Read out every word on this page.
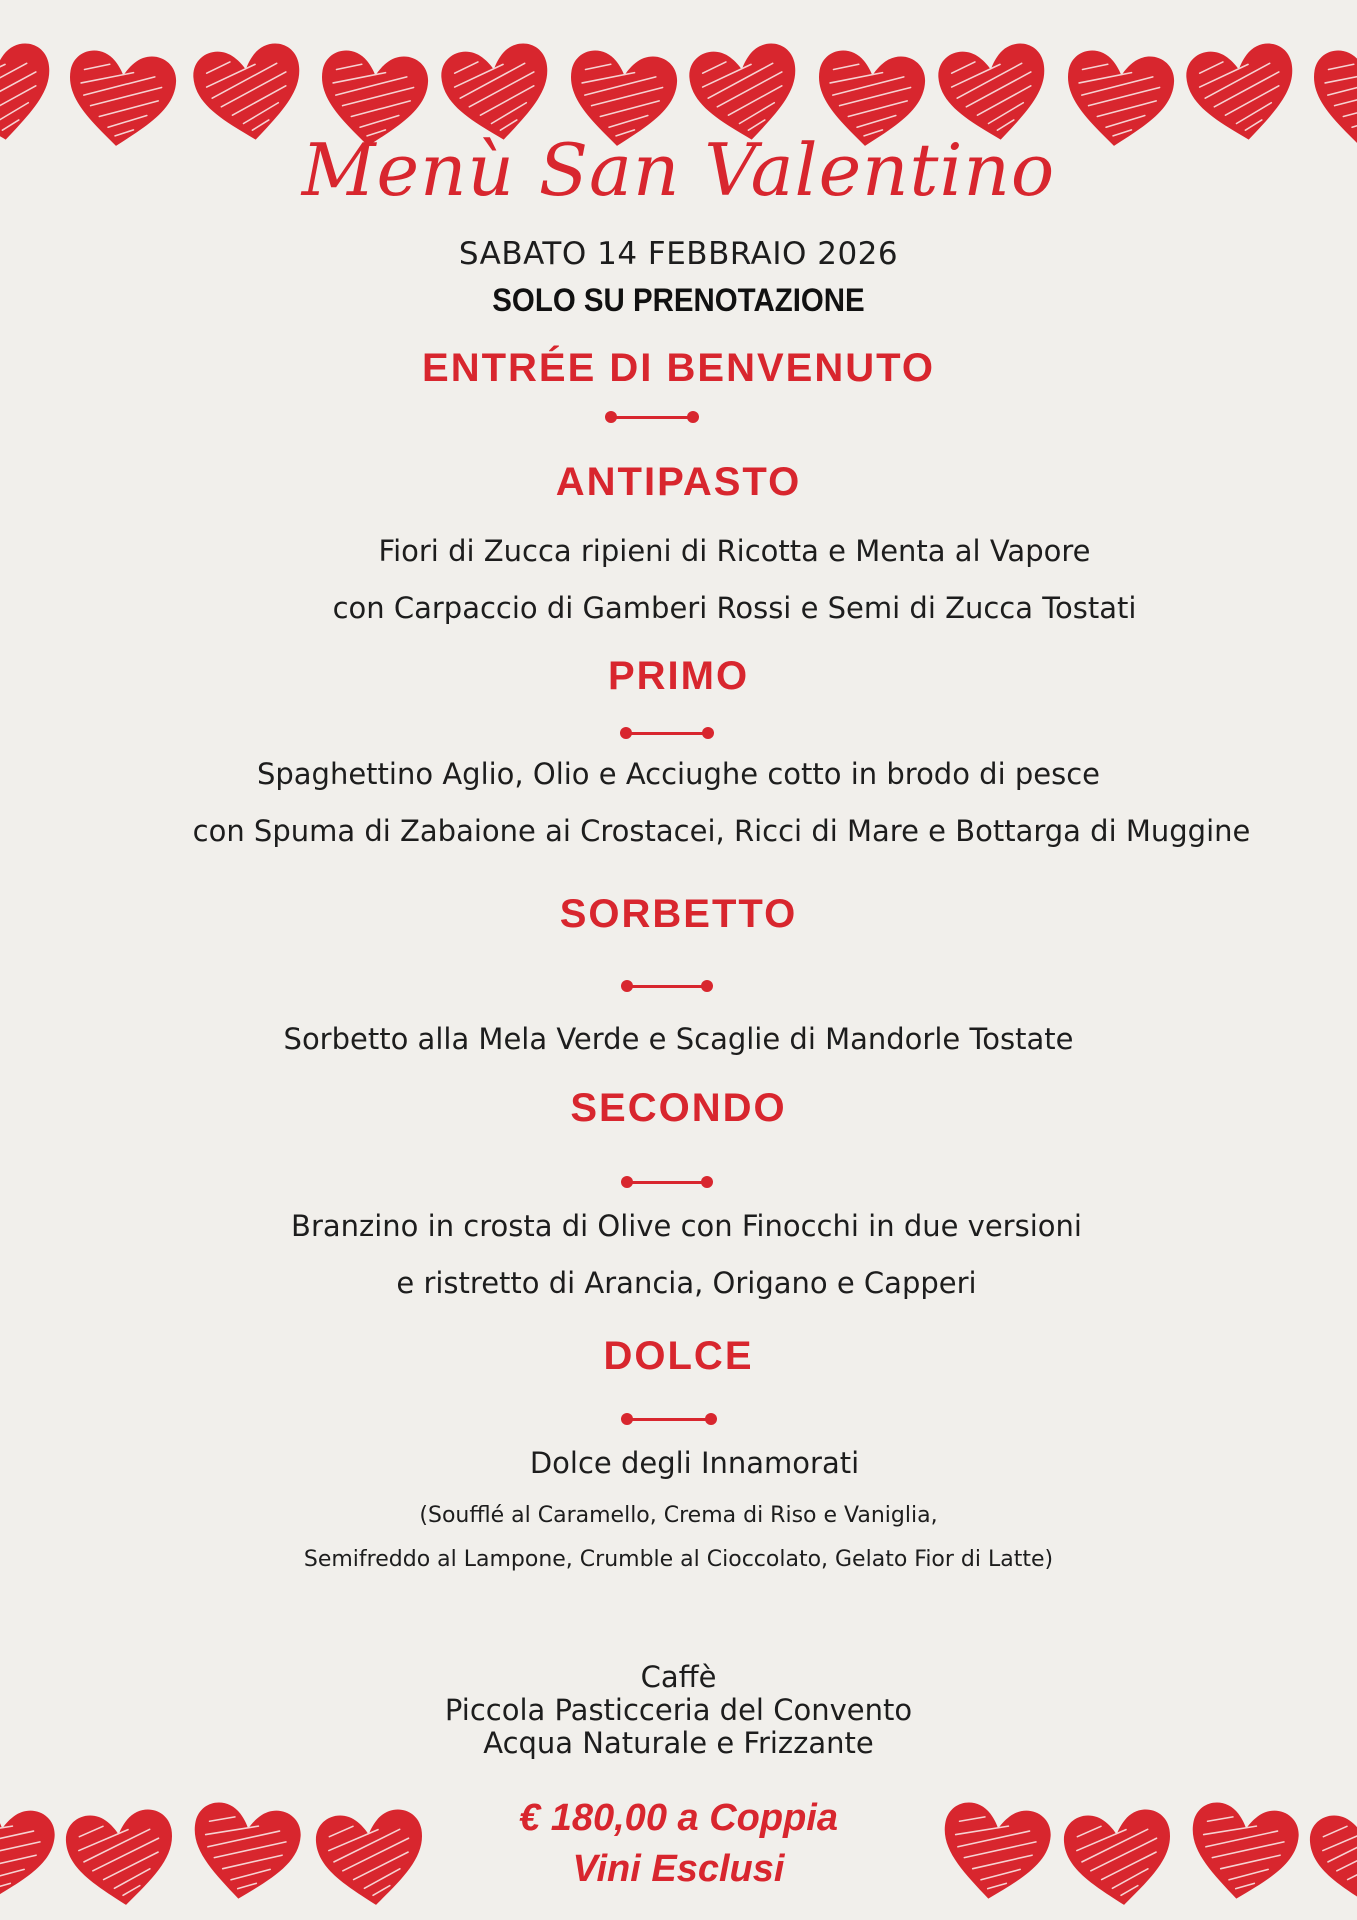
Menù San Valentino
SABATO 14 FEBBRAIO 2026
SOLO SU PRENOTAZIONE
ENTRÉE DI BENVENUTO
ANTIPASTO
Fiori di Zucca ripieni di Ricotta e Menta al Vapore
con Carpaccio di Gamberi Rossi e Semi di Zucca Tostati
PRIMO
Spaghettino Aglio, Olio e Acciughe cotto in brodo di pesce
con Spuma di Zabaione ai Crostacei, Ricci di Mare e Bottarga di Muggine
SORBETTO
Sorbetto alla Mela Verde e Scaglie di Mandorle Tostate
SECONDO
Branzino in crosta di Olive con Finocchi in due versioni
e ristretto di Arancia, Origano e Capperi
DOLCE
Dolce degli Innamorati
(Soufflé al Caramello, Crema di Riso e Vaniglia,
Semifreddo al Lampone, Crumble al Cioccolato, Gelato Fior di Latte)
Caffè
Piccola Pasticceria del Convento
Acqua Naturale e Frizzante
€ 180,00 a Coppia
Vini Esclusi
